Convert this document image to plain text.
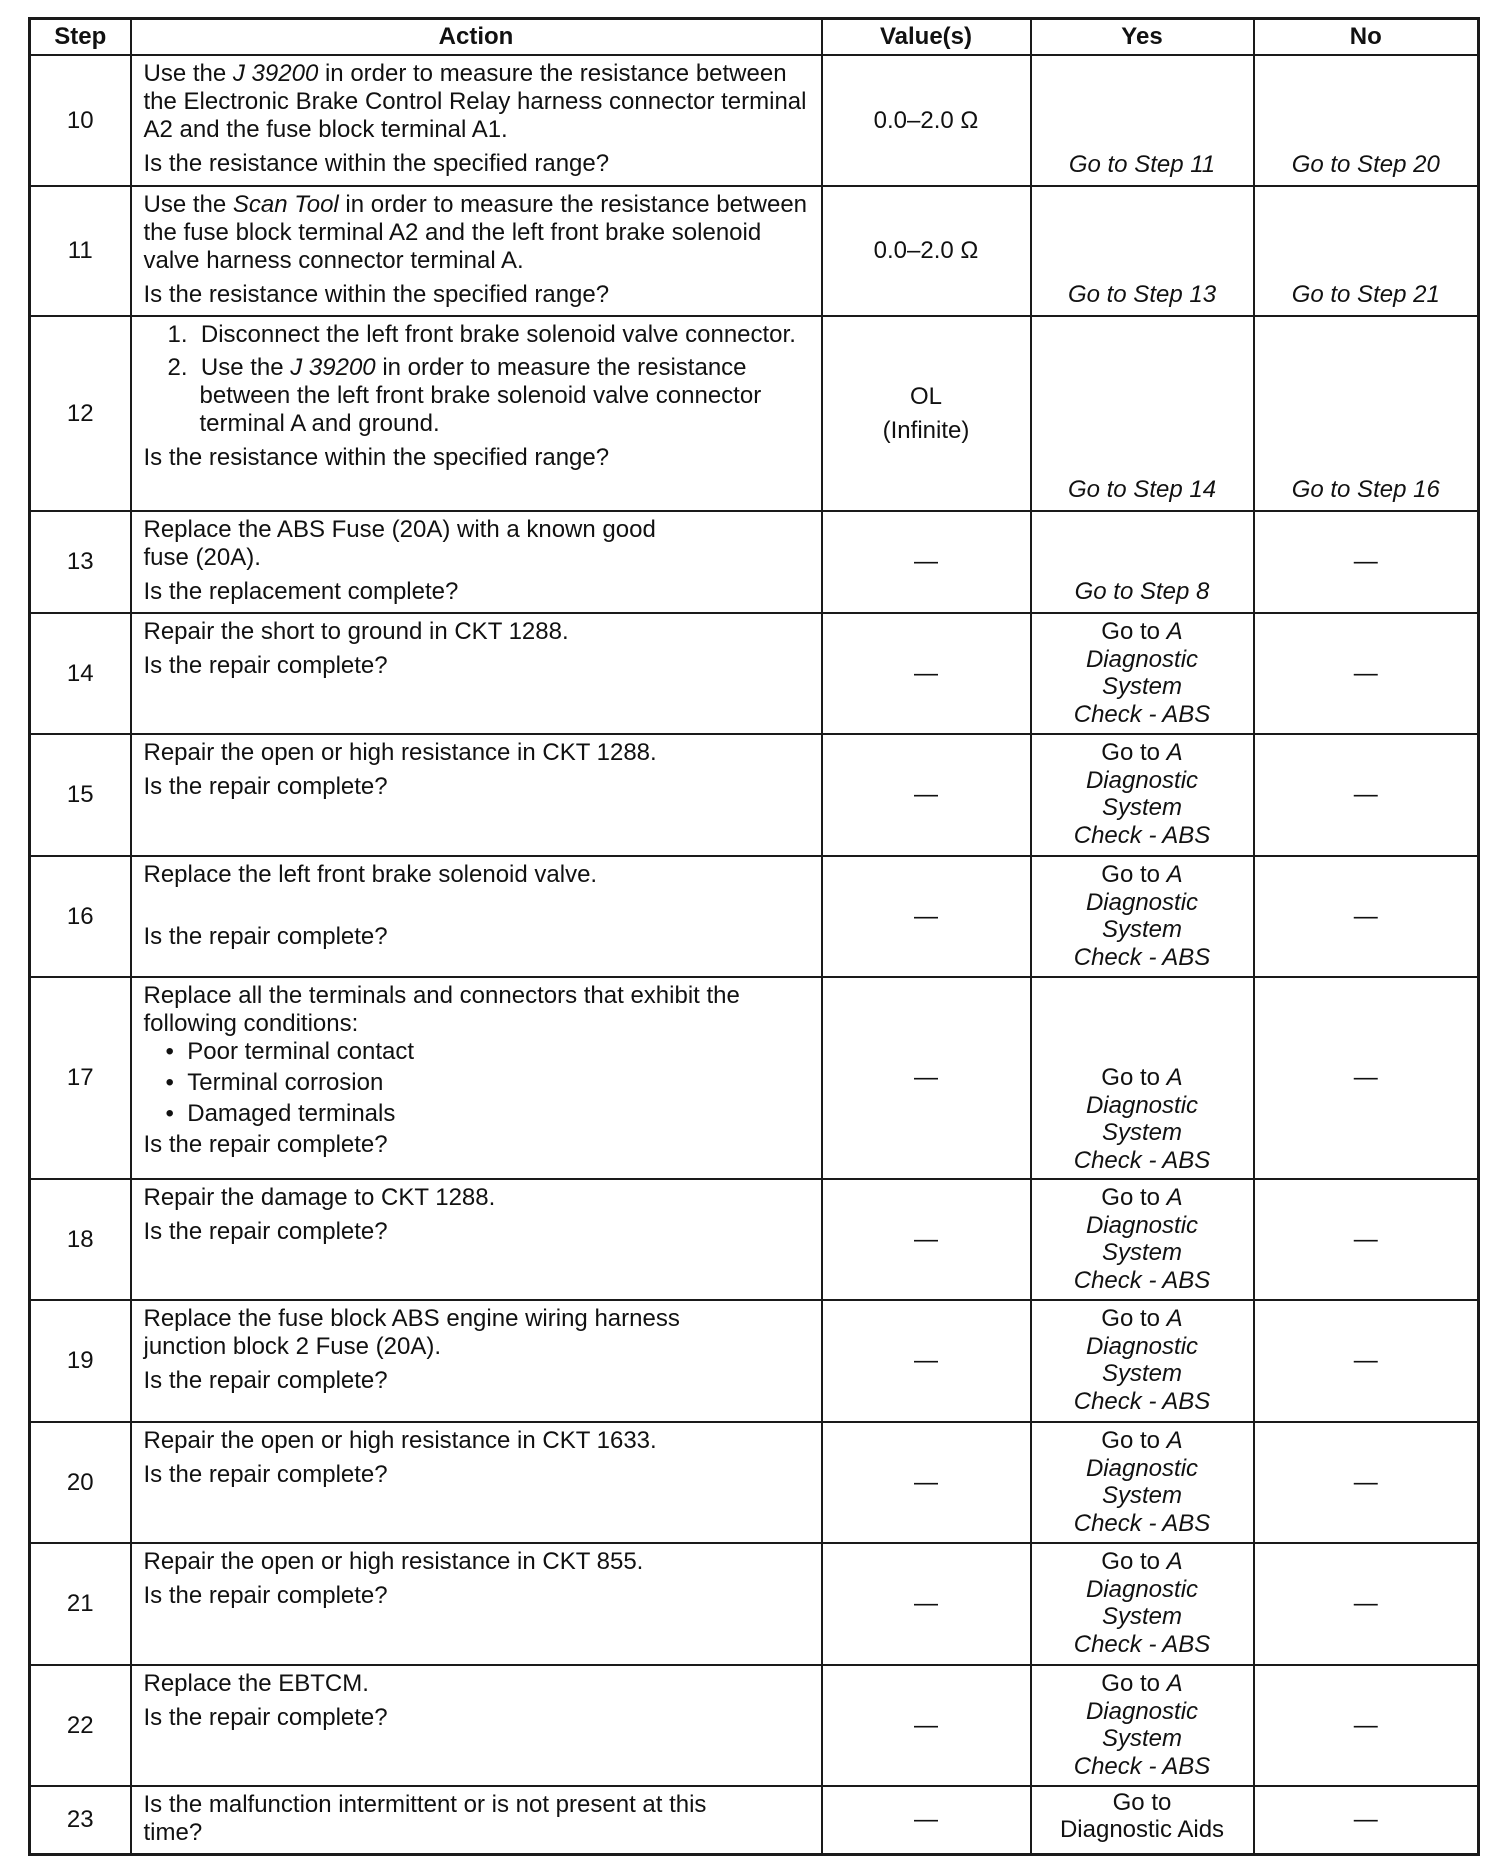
Step	Action	Value(s)	Yes	No
10	Use the J 39200 in order to measure the resistance between the Electronic Brake Control Relay harness connector terminal A2 and the fuse block terminal A1.
Is the resistance within the specified range?	0.0–2.0 Ω	Go to Step 11	Go to Step 20

11	Use the Scan Tool in order to measure the resistance between the fuse block terminal A2 and the left front brake solenoid valve harness connector terminal A.
Is the resistance within the specified range?	0.0–2.0 Ω	Go to Step 13	Go to Step 21

12	1. Disconnect the left front brake solenoid valve connector.
2. Use the J 39200 in order to measure the resistance between the left front brake solenoid valve connector terminal A and ground.
Is the resistance within the specified range?	OL
(Infinite)	Go to Step 14	Go to Step 16

13	Replace the ABS Fuse (20A) with a known good fuse (20A).
Is the replacement complete?	—	Go to Step 8	—

14	Repair the short to ground in CKT 1288.
Is the repair complete?	—	Go to A
Diagnostic
System
Check - ABS	—

15	Repair the open or high resistance in CKT 1288.
Is the repair complete?	—	Go to A
Diagnostic
System
Check - ABS	—

16	Replace the left front brake solenoid valve.
Is the repair complete?	—	Go to A
Diagnostic
System
Check - ABS	—

17	Replace all the terminals and connectors that exhibit the following conditions:
•  Poor terminal contact
•  Terminal corrosion
•  Damaged terminals
Is the repair complete?	—	Go to A
Diagnostic
System
Check - ABS	—

18	Repair the damage to CKT 1288.
Is the repair complete?	—	Go to A
Diagnostic
System
Check - ABS	—

19	Replace the fuse block ABS engine wiring harness junction block 2 Fuse (20A).
Is the repair complete?	—	Go to A
Diagnostic
System
Check - ABS	—

20	Repair the open or high resistance in CKT 1633.
Is the repair complete?	—	Go to A
Diagnostic
System
Check - ABS	—

21	Repair the open or high resistance in CKT 855.
Is the repair complete?	—	Go to A
Diagnostic
System
Check - ABS	—

22	Replace the EBTCM.
Is the repair complete?	—	Go to A
Diagnostic
System
Check - ABS	—

23	Is the malfunction intermittent or is not present at this time?	—	Go to
Diagnostic Aids	—
